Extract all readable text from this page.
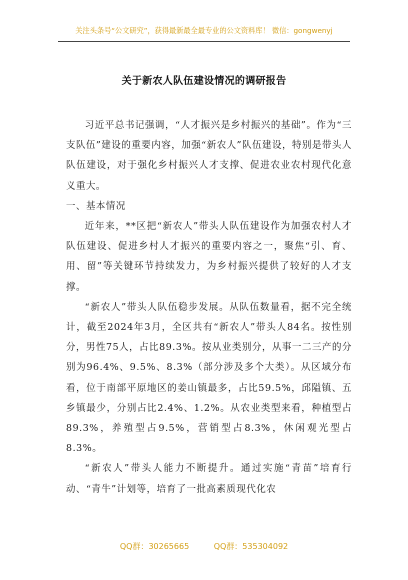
关注头条号“公文研究”，获得最新最全最专业的公文资料库！ 微信：gongwenyj
关于新农人队伍建设情况的调研报告

习近平总书记强调，“人才振兴是乡村振兴的基础”。作为“三支队伍”建设的重要内容，加强“新农人”队伍建设，特别是带头人队伍建设，对于强化乡村振兴人才支撑、促进农业农村现代化意义重大。

一、基本情况

近年来，**区把“新农人”带头人队伍建设作为加强农村人才队伍建设、促进乡村人才振兴的重要内容之一，聚焦“引、育、用、留”等关键环节持续发力，为乡村振兴提供了较好的人才支撑。

“新农人”带头人队伍稳步发展。从队伍数量看，据不完全统计，截至2024年3月，全区共有“新农人”带头人84名。按性别分，男性75人，占比89.3%。按从业类别分，从事一二三产的分别为96.4%、9.5%、8.3%（部分涉及多个大类）。从区域分布看，位于南部平原地区的姜山镇最多，占比59.5%，邱隘镇、五乡镇最少，分别占比2.4%、1.2%。从农业类型来看，种植型占89.3%，养殖型占9.5%，营销型占8.3%，休闲观光型占8.3%。

“新农人”带头人能力不断提升。通过实施“青苗”培育行动、“青牛”计划等，培育了一批高素质现代化农

QQ群：30265665	QQ群：535304092
